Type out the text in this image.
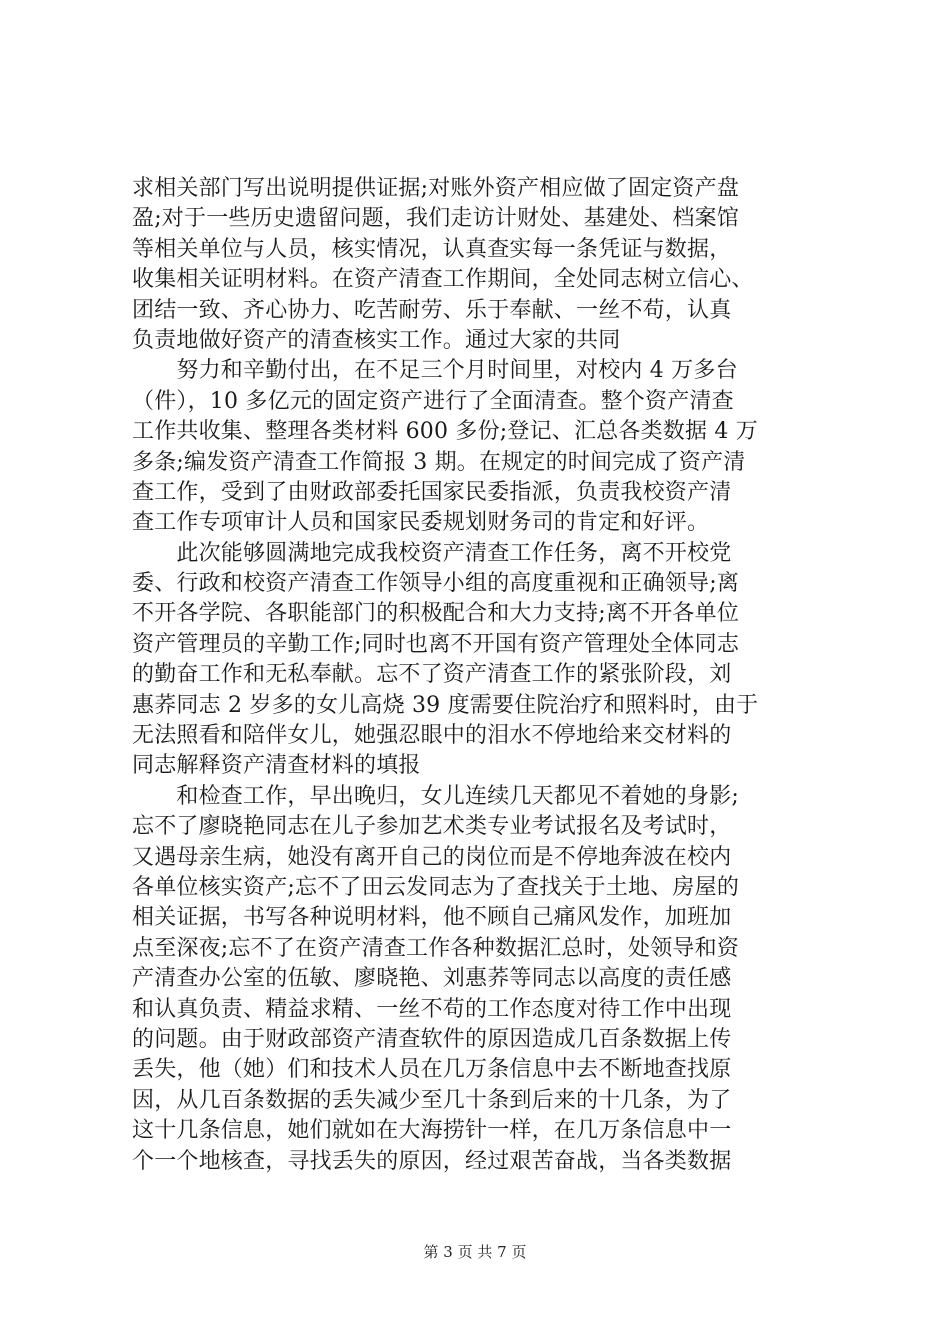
求相关部门写出说明提供证据;对账外资产相应做了固定资产盘
盈;对于一些历史遗留问题，我们走访计财处、基建处、档案馆
等相关单位与人员，核实情况，认真查实每一条凭证与数据，
收集相关证明材料。在资产清查工作期间，全处同志树立信心、
团结一致、齐心协力、吃苦耐劳、乐于奉献、一丝不苟，认真
负责地做好资产的清查核实工作。通过大家的共同
　　努力和辛勤付出，在不足三个月时间里，对校内 4 万多台
（件），10 多亿元的固定资产进行了全面清查。整个资产清查
工作共收集、整理各类材料 600 多份;登记、汇总各类数据 4 万
多条;编发资产清查工作简报 3 期。在规定的时间完成了资产清
查工作，受到了由财政部委托国家民委指派，负责我校资产清
查工作专项审计人员和国家民委规划财务司的肯定和好评。
　　此次能够圆满地完成我校资产清查工作任务，离不开校党
委、行政和校资产清查工作领导小组的高度重视和正确领导;离
不开各学院、各职能部门的积极配合和大力支持;离不开各单位
资产管理员的辛勤工作;同时也离不开国有资产管理处全体同志
的勤奋工作和无私奉献。忘不了资产清查工作的紧张阶段，刘
惠荞同志 2 岁多的女儿高烧 39 度需要住院治疗和照料时，由于
无法照看和陪伴女儿，她强忍眼中的泪水不停地给来交材料的
同志解释资产清查材料的填报
　　和检查工作，早出晚归，女儿连续几天都见不着她的身影;
忘不了廖晓艳同志在儿子参加艺术类专业考试报名及考试时，
又遇母亲生病，她没有离开自己的岗位而是不停地奔波在校内
各单位核实资产;忘不了田云发同志为了查找关于土地、房屋的
相关证据，书写各种说明材料，他不顾自己痛风发作，加班加
点至深夜;忘不了在资产清查工作各种数据汇总时，处领导和资
产清查办公室的伍敏、廖晓艳、刘惠荞等同志以高度的责任感
和认真负责、精益求精、一丝不苟的工作态度对待工作中出现
的问题。由于财政部资产清查软件的原因造成几百条数据上传
丢失，他（她）们和技术人员在几万条信息中去不断地查找原
因，从几百条数据的丢失减少至几十条到后来的十几条，为了
这十几条信息，她们就如在大海捞针一样，在几万条信息中一
个一个地核查，寻找丢失的原因，经过艰苦奋战，当各类数据
第 3 页 共 7 页
